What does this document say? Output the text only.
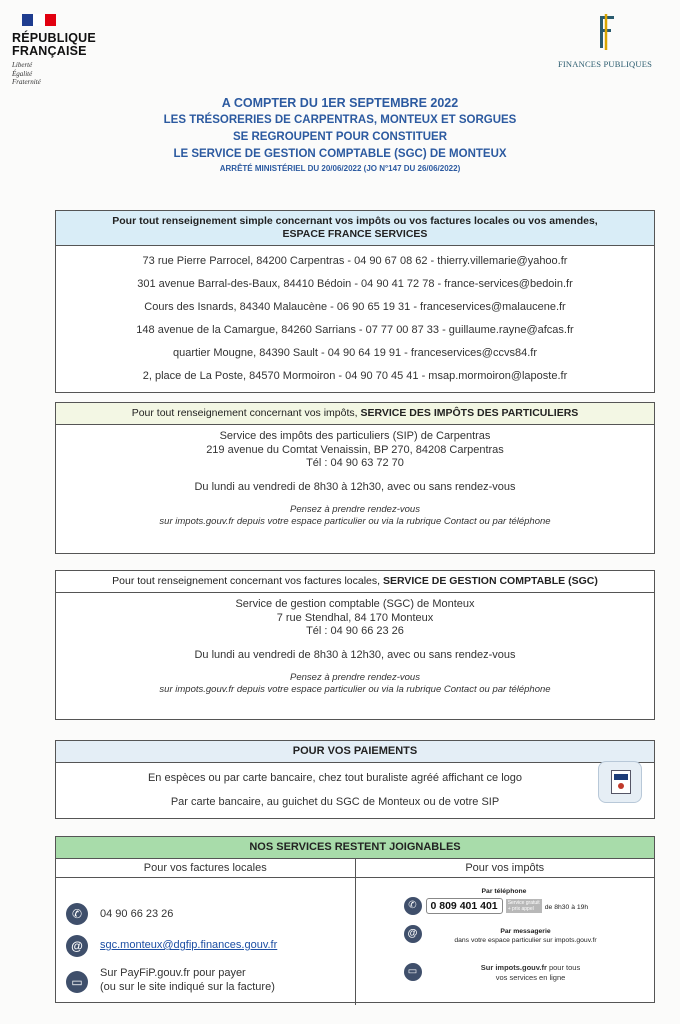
RÉPUBLIQUE
FRANÇAISE
Liberté
Égalité
Fraternité
FINANCES PUBLIQUES
A COMPTER DU 1ER SEPTEMBRE 2022
LES TRÉSORERIES DE CARPENTRAS, MONTEUX ET SORGUES
SE REGROUPENT POUR CONSTITUER
LE SERVICE DE GESTION COMPTABLE (SGC) DE MONTEUX
ARRÊTÉ MINISTÉRIEL DU 20/06/2022 (JO N°147 DU 26/06/2022)
Pour tout renseignement simple concernant vos impôts ou vos factures locales ou vos amendes,
ESPACE FRANCE SERVICES
73 rue Pierre Parrocel, 84200 Carpentras - 04 90 67 08 62 - thierry.villemarie@yahoo.fr
301 avenue Barral-des-Baux, 84410 Bédoin - 04 90 41 72 78 - france-services@bedoin.fr
Cours des Isnards, 84340 Malaucène - 06 90 65 19 31 - franceservices@malaucene.fr
148 avenue de la Camargue, 84260 Sarrians - 07 77 00 87 33 - guillaume.rayne@afcas.fr
quartier Mougne, 84390 Sault - 04 90 64 19 91 - franceservices@ccvs84.fr
2, place de La Poste, 84570 Mormoiron - 04 90 70 45 41 - msap.mormoiron@laposte.fr
Pour tout renseignement concernant vos impôts, SERVICE DES IMPÔTS DES PARTICULIERS
Service des impôts des particuliers (SIP) de Carpentras
219 avenue du Comtat Venaissin, BP 270, 84208 Carpentras
Tél : 04 90 63 72 70
Du lundi au vendredi de 8h30 à 12h30, avec ou sans rendez-vous
Pensez à prendre rendez-vous
sur impots.gouv.fr depuis votre espace particulier ou via la rubrique Contact ou par téléphone
Pour tout renseignement concernant vos factures locales, SERVICE DE GESTION COMPTABLE (SGC)
Service de gestion comptable (SGC) de Monteux
7 rue Stendhal, 84 170 Monteux
Tél : 04 90 66 23 26
Du lundi au vendredi de 8h30 à 12h30, avec ou sans rendez-vous
Pensez à prendre rendez-vous
sur impots.gouv.fr depuis votre espace particulier ou via la rubrique Contact ou par téléphone
POUR VOS PAIEMENTS
En espèces ou par carte bancaire, chez tout buraliste agréé affichant ce logo
Par carte bancaire, au guichet du SGC de Monteux ou de votre SIP
NOS SERVICES RESTENT JOIGNABLES
Pour vos factures locales
✆	04 90 66 23 26
@	sgc.monteux@dgfip.finances.gouv.fr
▭
Sur PayFiP.gouv.fr pour payer
(ou sur le site indiqué sur la facture)
Pour vos impôts
Par téléphone
✆	0 809 401 401 Service gratuit
+ prix appel de 8h30 à 19h
@	Par messagerie
dans votre espace particulier sur impots.gouv.fr
▭	Sur impots.gouv.fr pour tous
vos services en ligne
